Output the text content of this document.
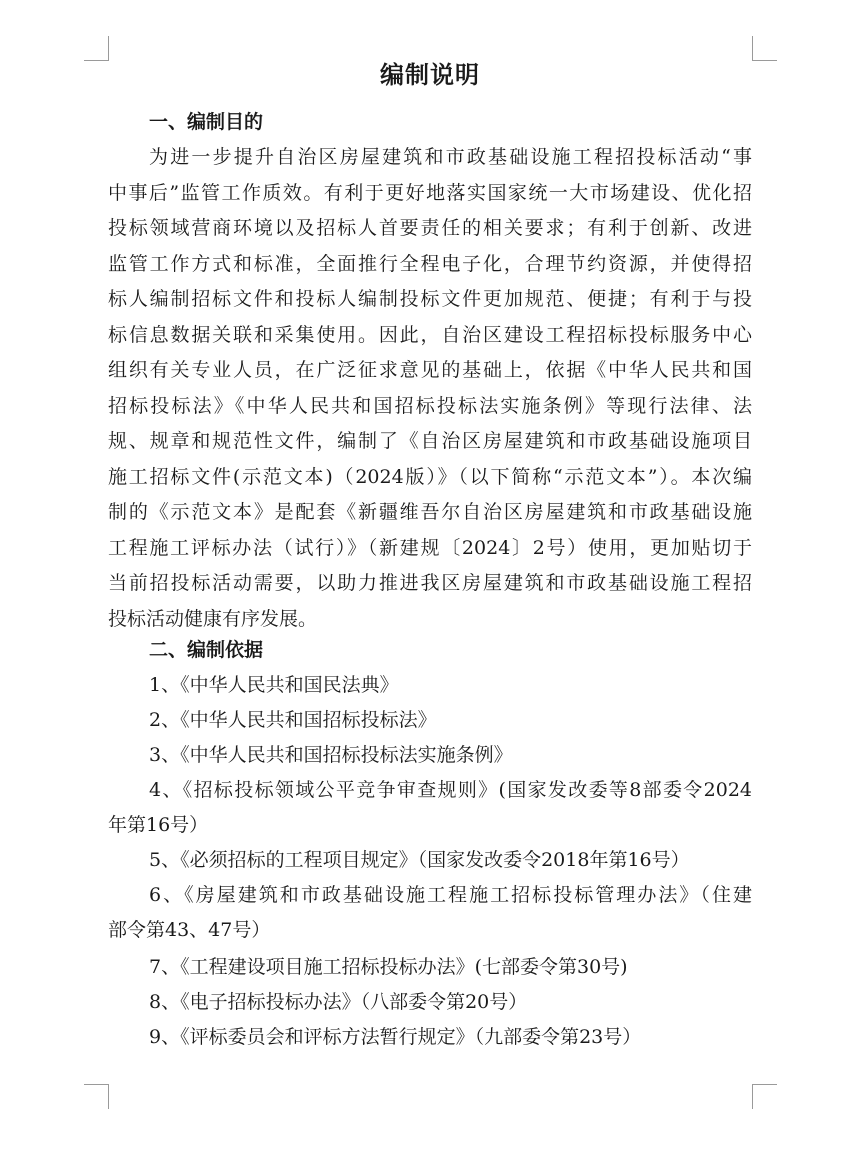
编制说明
一、编制目的
为进一步提升自治区房屋建筑和市政基础设施工程招投标活动“事
中事后”监管工作质效。有利于更好地落实国家统一大市场建设、优化招
投标领域营商环境以及招标人首要责任的相关要求；有利于创新、改进
监管工作方式和标准，全面推行全程电子化，合理节约资源，并使得招
标人编制招标文件和投标人编制投标文件更加规范、便捷；有利于与投
标信息数据关联和采集使用。因此，自治区建设工程招标投标服务中心
组织有关专业人员，在广泛征求意见的基础上，依据《中华人民共和国
招标投标法》《中华人民共和国招标投标法实施条例》等现行法律、法
规、规章和规范性文件，编制了《自治区房屋建筑和市政基础设施项目
施工招标文件(示范文本)（2024版）》（以下简称“示范文本”）。本次编
制的《示范文本》是配套《新疆维吾尔自治区房屋建筑和市政基础设施
工程施工评标办法（试行）》（新建规〔2024〕2号）使用，更加贴切于
当前招投标活动需要，以助力推进我区房屋建筑和市政基础设施工程招
投标活动健康有序发展。
二、编制依据
1、《中华人民共和国民法典》
2、《中华人民共和国招标投标法》
3、《中华人民共和国招标投标法实施条例》
4、《招标投标领域公平竞争审查规则》(国家发改委等8部委令2024
年第16号）
5、《必须招标的工程项目规定》（国家发改委令2018年第16号）
6、《房屋建筑和市政基础设施工程施工招标投标管理办法》（住建
部令第43、47号）
7、《工程建设项目施工招标投标办法》(七部委令第30号)
8、《电子招标投标办法》（八部委令第20号）
9、《评标委员会和评标方法暂行规定》（九部委令第23号）
